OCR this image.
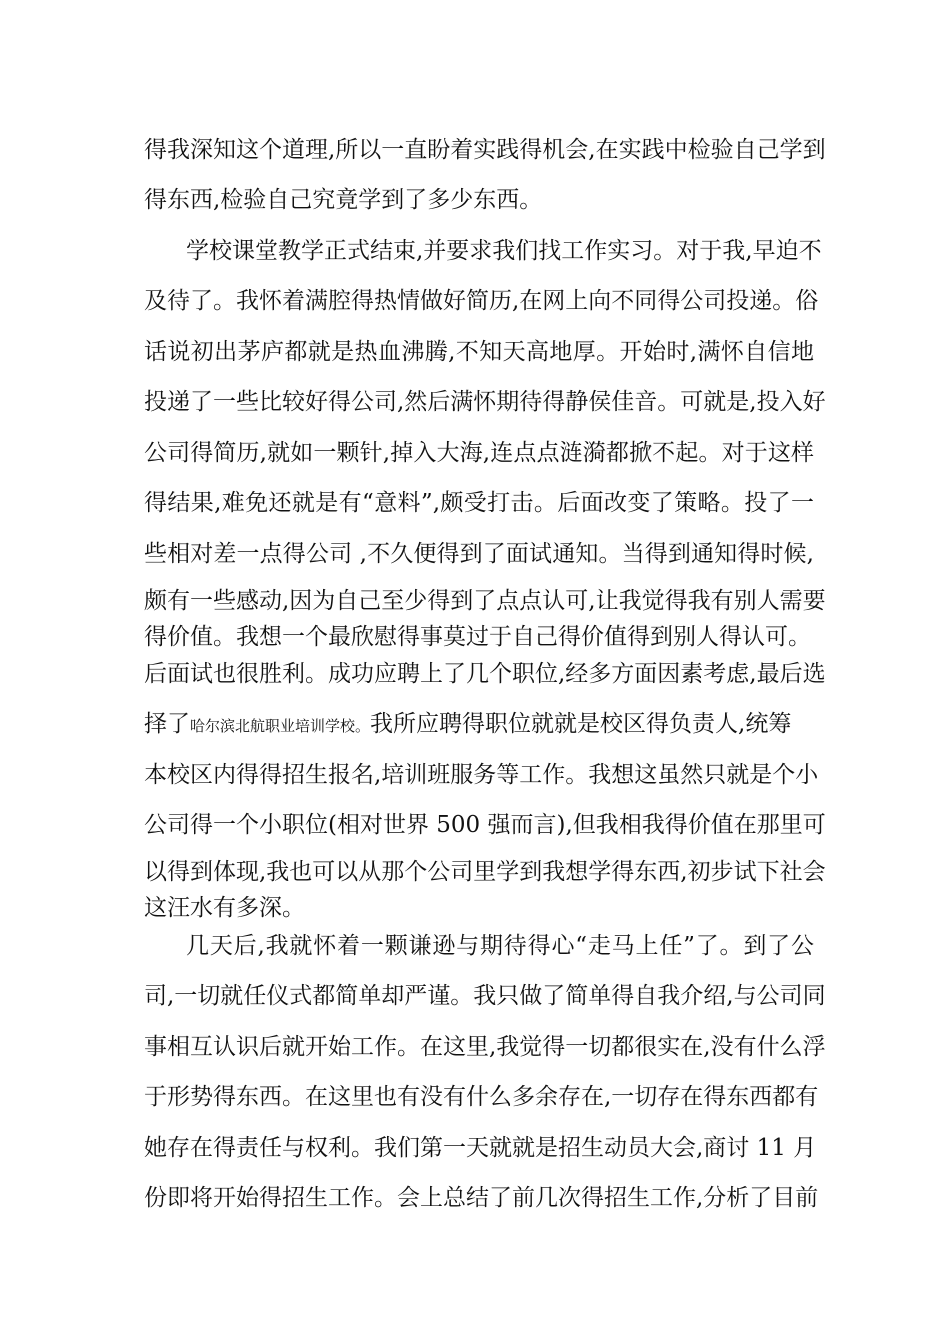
得我深知这个道理,所以一直盼着实践得机会,在实践中检验自己学到
得东西,检验自己究竟学到了多少东西。
学校课堂教学正式结束,并要求我们找工作实习。对于我,早迫不
及待了。我怀着满腔得热情做好简历,在网上向不同得公司投递。俗
话说初出茅庐都就是热血沸腾,不知天高地厚。开始时,满怀自信地
投递了一些比较好得公司,然后满怀期待得静侯佳音。可就是,投入好
公司得简历,就如一颗针,掉入大海,连点点涟漪都掀不起。对于这样
得结果,难免还就是有“意料”,颇受打击。后面改变了策略。投了一
些相对差一点得公司 ,不久便得到了面试通知。当得到通知得时候,
颇有一些感动,因为自己至少得到了点点认可,让我觉得我有别人需要
得价值。我想一个最欣慰得事莫过于自己得价值得到别人得认可。
后面试也很胜利。成功应聘上了几个职位,经多方面因素考虑,最后选
择了哈尔滨北航职业培训学校。我所应聘得职位就就是校区得负责人,统筹
本校区内得得招生报名,培训班服务等工作。我想这虽然只就是个小
公司得一个小职位(相对世界 500 强而言),但我相我得价值在那里可
以得到体现,我也可以从那个公司里学到我想学得东西,初步试下社会
这汪水有多深。
几天后,我就怀着一颗谦逊与期待得心“走马上任”了。到了公
司,一切就任仪式都简单却严谨。我只做了简单得自我介绍,与公司同
事相互认识后就开始工作。在这里,我觉得一切都很实在,没有什么浮
于形势得东西。在这里也有没有什么多余存在,一切存在得东西都有
她存在得责任与权利。我们第一天就就是招生动员大会,商讨 11 月
份即将开始得招生工作。会上总结了前几次得招生工作,分析了目前
